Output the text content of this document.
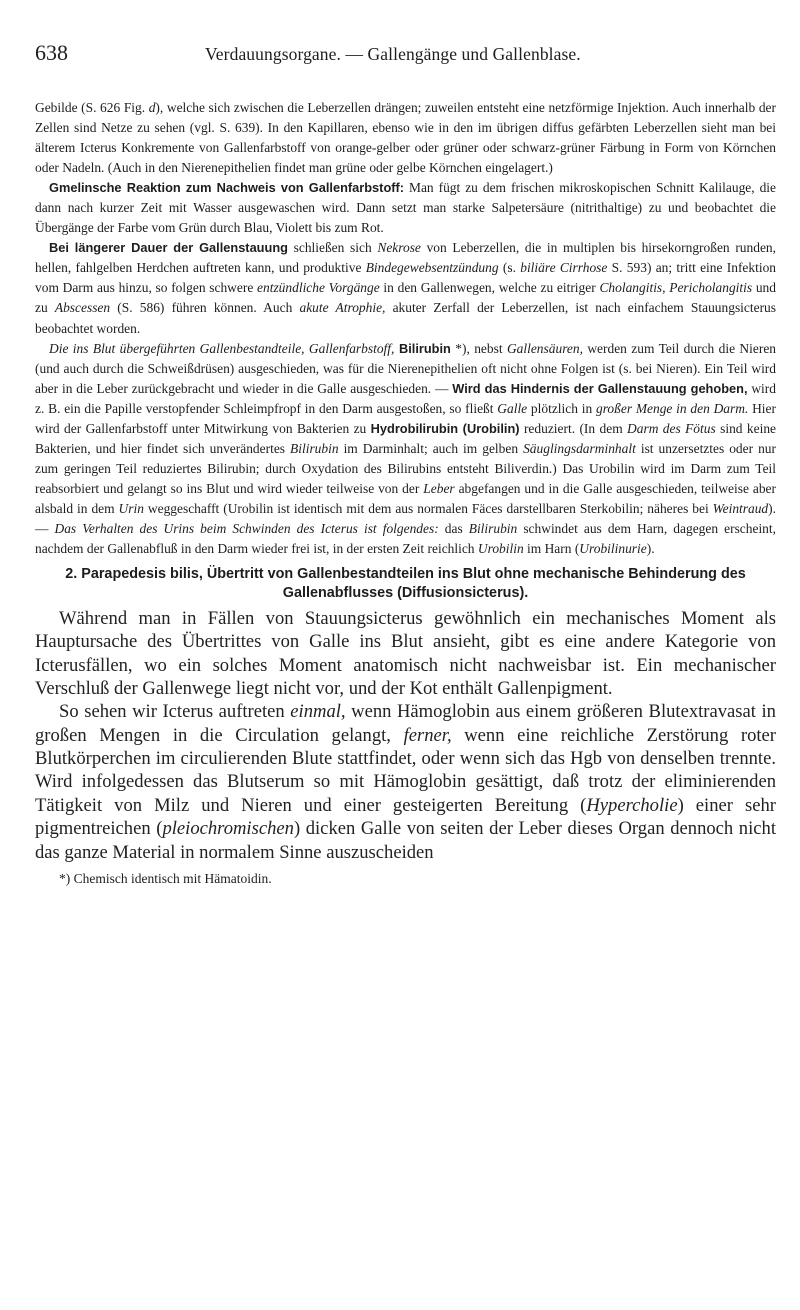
638	Verdauungsorgane. — Gallengänge und Gallenblase.

Gebilde (S. 626 Fig. d), welche sich zwischen die Leberzellen drängen; zuweilen entsteht eine netzförmige Injektion. Auch innerhalb der Zellen sind Netze zu sehen (vgl. S. 639). In den Kapillaren, ebenso wie in den im übrigen diffus gefärbten Leberzellen sieht man bei älterem Icterus Konkremente von Gallenfarbstoff von orange-gelber oder grüner oder schwarz-grüner Färbung in Form von Körnchen oder Nadeln. (Auch in den Nierenepithelien findet man grüne oder gelbe Körnchen eingelagert.)

Gmelinsche Reaktion zum Nachweis von Gallenfarbstoff: Man fügt zu dem frischen mikroskopischen Schnitt Kalilauge, die dann nach kurzer Zeit mit Wasser ausgewaschen wird. Dann setzt man starke Salpetersäure (nitrithaltige) zu und beobachtet die Übergänge der Farbe vom Grün durch Blau, Violett bis zum Rot.

Bei längerer Dauer der Gallenstauung schließen sich Nekrose von Leberzellen, die in multiplen bis hirsekorngroßen runden, hellen, fahlgelben Herdchen auftreten kann, und produktive Bindegewebsentzündung (s. biliäre Cirrhose S. 593) an; tritt eine Infektion vom Darm aus hinzu, so folgen schwere entzündliche Vorgänge in den Gallenwegen, welche zu eitriger Cholangitis, Pericholangitis und zu Abscessen (S. 586) führen können. Auch akute Atrophie, akuter Zerfall der Leberzellen, ist nach einfachem Stauungsicterus beobachtet worden.

Die ins Blut übergeführten Gallenbestandteile, Gallenfarbstoff, Bilirubin *), nebst Gallensäuren, werden zum Teil durch die Nieren (und auch durch die Schweißdrüsen) ausgeschieden, was für die Nierenepithelien oft nicht ohne Folgen ist (s. bei Nieren). Ein Teil wird aber in die Leber zurückgebracht und wieder in die Galle ausgeschieden. — Wird das Hindernis der Gallenstauung gehoben, wird z. B. ein die Papille verstopfender Schleimpfropf in den Darm ausgestoßen, so fließt Galle plötzlich in großer Menge in den Darm. Hier wird der Gallenfarbstoff unter Mitwirkung von Bakterien zu Hydrobilirubin (Urobilin) reduziert. (In dem Darm des Fötus sind keine Bakterien, und hier findet sich unverändertes Bilirubin im Darminhalt; auch im gelben Säuglingsdarminhalt ist unzersetztes oder nur zum geringen Teil reduziertes Bilirubin; durch Oxydation des Bilirubins entsteht Biliverdin.) Das Urobilin wird im Darm zum Teil reabsorbiert und gelangt so ins Blut und wird wieder teilweise von der Leber abgefangen und in die Galle ausgeschieden, teilweise aber alsbald in dem Urin weggeschafft (Urobilin ist identisch mit dem aus normalen Fäces darstellbaren Sterkobilin; näheres bei Weintraud). — Das Verhalten des Urins beim Schwinden des Icterus ist folgendes: das Bilirubin schwindet aus dem Harn, dagegen erscheint, nachdem der Gallenabfluß in den Darm wieder frei ist, in der ersten Zeit reichlich Urobilin im Harn (Urobilinurie).

2. Parapedesis bilis, Übertritt von Gallenbestandteilen ins Blut ohne mechanische Behinderung des Gallenabflusses (Diffusionsicterus).

Während man in Fällen von Stauungsicterus gewöhnlich ein mechanisches Moment als Hauptursache des Übertrittes von Galle ins Blut ansieht, gibt es eine andere Kategorie von Icterusfällen, wo ein solches Moment anatomisch nicht nachweisbar ist. Ein mechanischer Verschluß der Gallenwege liegt nicht vor, und der Kot enthält Gallenpigment.

So sehen wir Icterus auftreten einmal, wenn Hämoglobin aus einem größeren Blutextravasat in großen Mengen in die Circulation gelangt, ferner, wenn eine reichliche Zerstörung roter Blutkörperchen im circulierenden Blute stattfindet, oder wenn sich das Hgb von denselben trennte. Wird infolgedessen das Blutserum so mit Hämoglobin gesättigt, daß trotz der eliminierenden Tätigkeit von Milz und Nieren und einer gesteigerten Bereitung (Hypercholie) einer sehr pigmentreichen (pleiochromischen) dicken Galle von seiten der Leber dieses Organ dennoch nicht das ganze Material in normalem Sinne auszuscheiden

*) Chemisch identisch mit Hämatoidin.
